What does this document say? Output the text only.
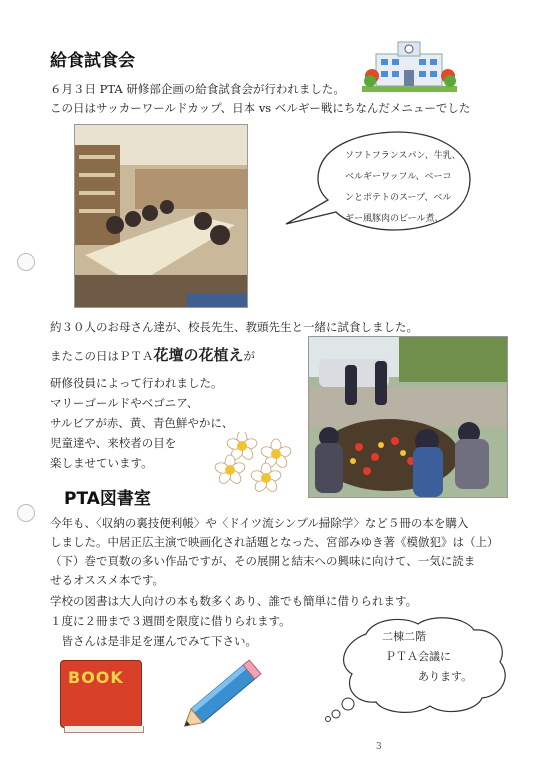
給食試食会
６月３日 PTA 研修部企画の給食試食会が行われました。
この日はサッカーワールドカップ、日本 vs ベルギー戦にちなんだメニューでした
ソフトフランスパン、牛乳、
ベルギーワッフル、ベーコ
ンとポテトのスープ、ベル
ギー風豚肉のビール煮、
約３０人のお母さん達が、校長先生、教頭先生と一緒に試食しました。
またこの日はＰＴＡ花壇の花植えが
研修役員によって行われました。
マリーゴールドやベゴニア、
サルビアが赤、黄、青色鮮やかに、
児童達や、来校者の目を
楽しませています。
PTA図書室
今年も、〈収納の裏技便利帳〉や〈ドイツ流シンプル掃除学〉など５冊の本を購入
しました。中居正広主演で映画化され話題となった、宮部みゆき著《模倣犯》は（上）
（下）巻で頁数の多い作品ですが、その展開と結末への興味に向けて、一気に読ま
せるオススメ本です。
学校の図書は大人向けの本も数多くあり、誰でも簡単に借りられます。
１度に２冊まで３週間を限度に借りられます。
　皆さんは是非足を運んでみて下さい。	二棟二階
ＰＴＡ会議に
あります。
BOOK
3
